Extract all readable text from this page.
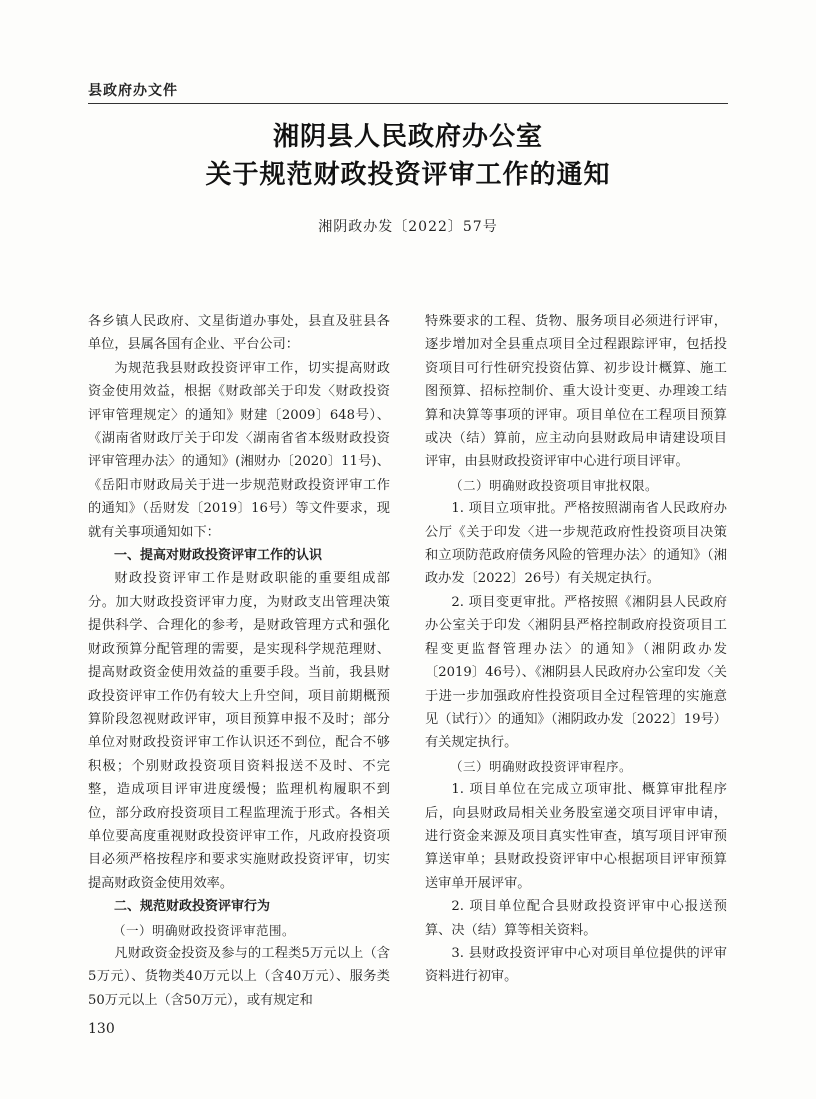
县政府办文件
湘阴县人民政府办公室
关于规范财政投资评审工作的通知
湘阴政办发〔2022〕57号

各乡镇人民政府、文星街道办事处，县直及驻县各单位，县属各国有企业、平台公司：

为规范我县财政投资评审工作，切实提高财政资金使用效益，根据《财政部关于印发〈财政投资评审管理规定〉的通知》财建〔2009〕648号）、《湖南省财政厅关于印发〈湖南省省本级财政投资评审管理办法〉的通知》(湘财办〔2020〕11号)、《岳阳市财政局关于进一步规范财政投资评审工作的通知》（岳财发〔2019〕16号）等文件要求，现就有关事项通知如下：

一、提高对财政投资评审工作的认识

财政投资评审工作是财政职能的重要组成部分。加大财政投资评审力度，为财政支出管理决策提供科学、合理化的参考，是财政管理方式和强化财政预算分配管理的需要，是实现科学规范理财、提高财政资金使用效益的重要手段。当前，我县财政投资评审工作仍有较大上升空间，项目前期概预算阶段忽视财政评审，项目预算申报不及时；部分单位对财政投资评审工作认识还不到位，配合不够积极；个别财政投资项目资料报送不及时、不完整，造成项目评审进度缓慢；监理机构履职不到位，部分政府投资项目工程监理流于形式。各相关单位要高度重视财政投资评审工作，凡政府投资项目必须严格按程序和要求实施财政投资评审，切实提高财政资金使用效率。

二、规范财政投资评审行为

（一）明确财政投资评审范围。

凡财政资金投资及参与的工程类5万元以上（含5万元）、货物类40万元以上（含40万元）、服务类50万元以上（含50万元），或有规定和

特殊要求的工程、货物、服务项目必须进行评审，逐步增加对全县重点项目全过程跟踪评审，包括投资项目可行性研究投资估算、初步设计概算、施工图预算、招标控制价、重大设计变更、办理竣工结算和决算等事项的评审。项目单位在工程项目预算或决（结）算前，应主动向县财政局申请建设项目评审，由县财政投资评审中心进行项目评审。

（二）明确财政投资项目审批权限。

1. 项目立项审批。严格按照湖南省人民政府办公厅《关于印发〈进一步规范政府性投资项目决策和立项防范政府债务风险的管理办法〉的通知》（湘政办发〔2022〕26号）有关规定执行。

2. 项目变更审批。严格按照《湘阴县人民政府办公室关于印发〈湘阴县严格控制政府投资项目工程变更监督管理办法〉的通知》（湘阴政办发〔2019〕46号）、《湘阴县人民政府办公室印发〈关于进一步加强政府性投资项目全过程管理的实施意见（试行）〉的通知》（湘阴政办发〔2022〕19号）有关规定执行。

（三）明确财政投资评审程序。

1. 项目单位在完成立项审批、概算审批程序后，向县财政局相关业务股室递交项目评审申请，进行资金来源及项目真实性审查，填写项目评审预算送审单；县财政投资评审中心根据项目评审预算送审单开展评审。

2. 项目单位配合县财政投资评审中心报送预算、决（结）算等相关资料。

3. 县财政投资评审中心对项目单位提供的评审资料进行初审。

130
